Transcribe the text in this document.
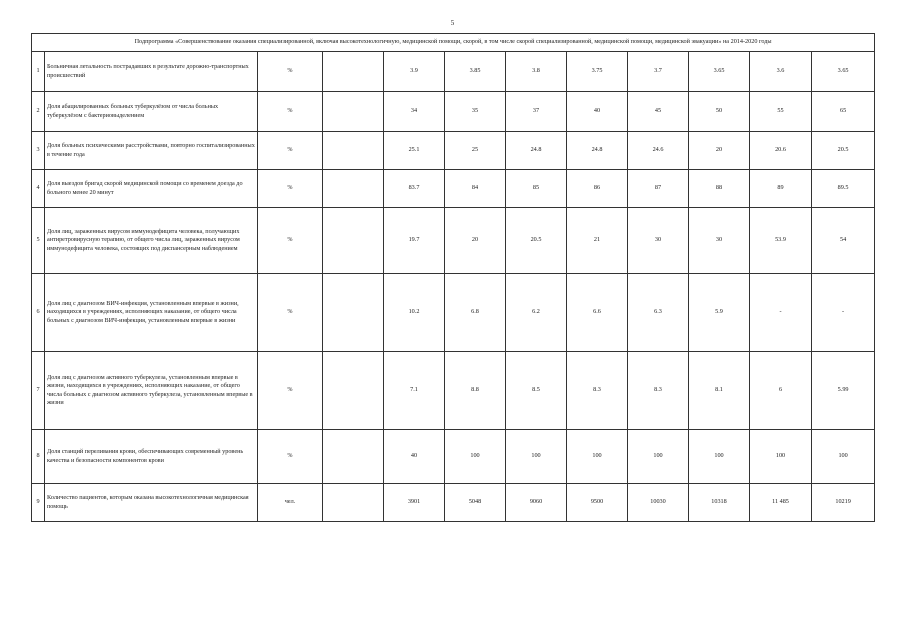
5
Подпрограмма «Совершенствование оказания специализированной, включая высокотехнологичную, медицинской помощи, скорой, в том числе скорой специализированной, медицинской помощи, медицинской эвакуации» на 2014-2020 годы												
1	Больничная летальность пострадавших в результате дорожно-транспортных происшествий	%		3.9	3.85	3.8	3.75	3.7	3.65	3.6	3.65	
2	Доля абацилированных больных туберкулёзом от числа больных туберкулёзом с бактериовыделением	%		34	35	37	40	45	50	55	65	
3	Доля больных психическими расстройствами, повторно госпитализированных в течение года	%		25.1	25	24.8	24.8	24.6	20	20.6	20.5	
4	Доля выездов бригад скорой медицинской помощи со временем доезда до больного менее 20 минут	%		83.7	84	85	86	87	88	89	89.5	
5	Доля лиц, зараженных вирусом иммунодефицита человека, получающих антиретровирусную терапию, от общего числа лиц, зараженных вирусом иммунодефицита человека, состоящих под диспансерным наблюдением	%		19.7	20	20.5	21	30	30	53.9	54	
6	Доля лиц с диагнозом ВИЧ-инфекция, установленным впервые в жизни, находящихся в учреждениях, исполняющих наказание, от общего числа больных с диагнозом ВИЧ-инфекция, установленным впервые в жизни	%		10.2	6.8	6.2	6.6	6.3	5.9	-	-	
7	Доля лиц с диагнозом активного туберкулеза, установленным впервые в жизни, находящихся в учреждениях, исполняющих наказание, от общего числа больных с диагнозом активного туберкулеза, установленным впервые в жизни	%		7.1	8.8	8.5	8.3	8.3	8.1	6	5.99	
8	Доля станций переливания крови, обеспечивающих современный уровень качества и безопасности компонентов крови	%		40	100	100	100	100	100	100	100	
9	Количество пациентов, которым оказана высокотехнологичная медицинская помощь	чел.		3901	5048	9060	9500	10030	10318	11 485	10219	
